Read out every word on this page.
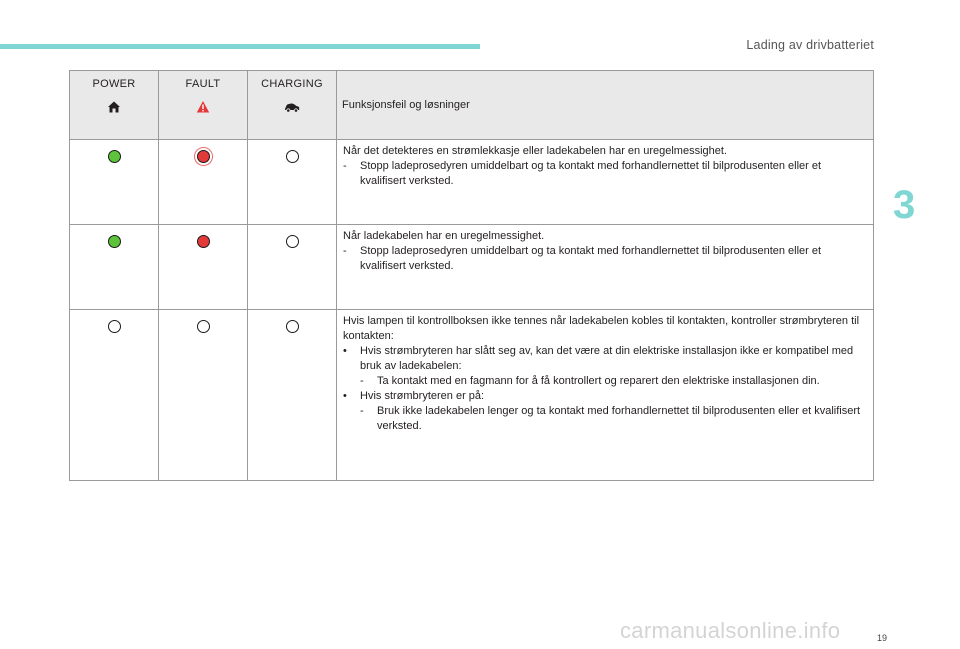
Lading av drivbatteriet
3
POWER	FAULT	CHARGING	Funksjonsfeil og løsninger

			Når det detekteres en strømlekkasje eller ladekabelen har en uregelmessighet.
- Stopp ladeprosedyren umiddelbart og ta kontakt med forhandlernettet til bilprodusenten eller et kvalifisert verksted.

			Når ladekabelen har en uregelmessighet.
- Stopp ladeprosedyren umiddelbart og ta kontakt med forhandlernettet til bilprodusenten eller et kvalifisert verksted.

			Hvis lampen til kontrollboksen ikke tennes når ladekabelen kobles til kontakten, kontroller strømbryteren til kontakten:
• Hvis strømbryteren har slått seg av, kan det være at din elektriske installasjon ikke er kompatibel med bruk av ladekabelen:
- Ta kontakt med en fagmann for å få kontrollert og reparert den elektriske installasjonen din.
• Hvis strømbryteren er på:
- Bruk ikke ladekabelen lenger og ta kontakt med forhandlernettet til bilprodusenten eller et kvalifisert verksted.
carmanualsonline.info	19
